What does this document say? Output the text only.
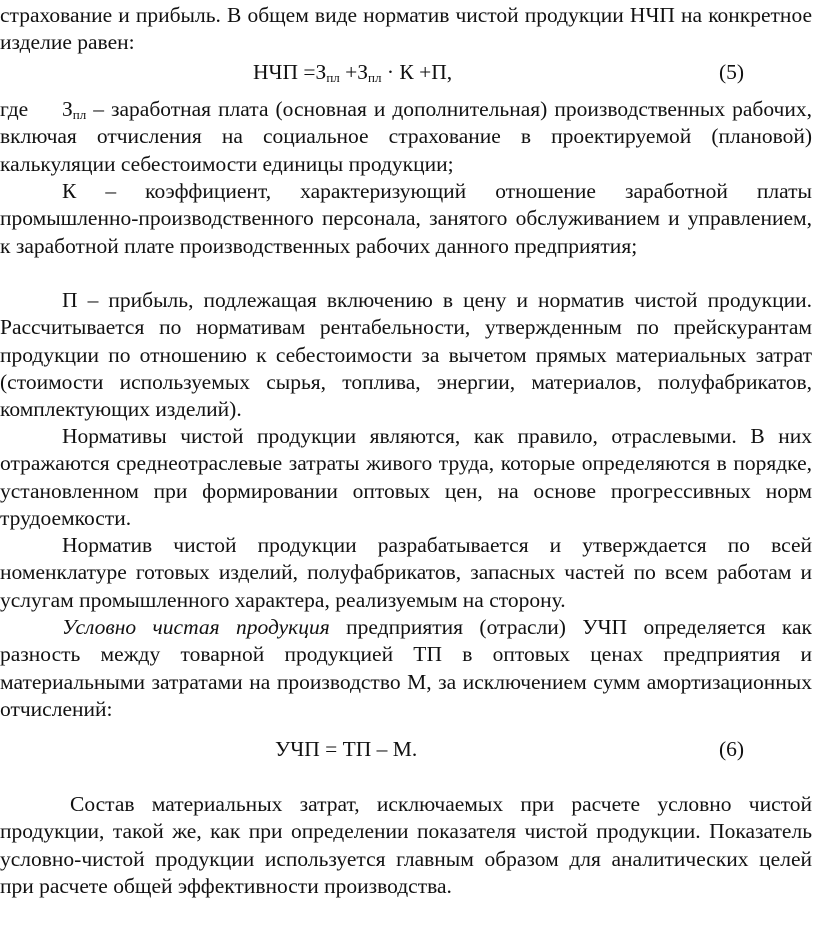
страхование и прибыль. В общем виде норматив чистой продукции НЧП на конкретное изделие равен:

НЧП $=З_{пл} +З_{пл} \cdot К +П$,	(5)

где $З_{пл}$ – заработная плата (основная и дополнительная) производственных рабочих, включая отчисления на социальное страхование в проектируемой (плановой) калькуляции себестоимости единицы продукции;

К – коэффициент, характеризующий отношение заработной платы промышленно-производственного персонала, занятого обслуживанием и управлением, к заработной плате производственных рабочих данного предприятия;

П – прибыль, подлежащая включению в цену и норматив чистой продукции. Рассчитывается по нормативам рентабельности, утвержденным по прейскурантам продукции по отношению к себестоимости за вычетом прямых материальных затрат (стоимости используемых сырья, топлива, энергии, материалов, полуфабрикатов, комплектующих изделий).

Нормативы чистой продукции являются, как правило, отраслевыми. В них отражаются среднеотраслевые затраты живого труда, которые определяются в порядке, установленном при формировании оптовых цен, на основе прогрессивных норм трудоемкости.

Норматив чистой продукции разрабатывается и утверждается по всей номенклатуре готовых изделий, полуфабрикатов, запасных частей по всем работам и услугам промышленного характера, реализуемым на сторону.

Условно чистая продукция предприятия (отрасли) УЧП определяется как разность между товарной продукцией ТП в оптовых ценах предприятия и материальными затратами на производство М, за исключением сумм амортизационных отчислений:

УЧП = ТП – М.	(6)

Состав материальных затрат, исключаемых при расчете условно чистой продукции, такой же, как при определении показателя чистой продукции. Показатель условно-чистой продукции используется главным образом для аналитических целей при расчете общей эффективности производства.
